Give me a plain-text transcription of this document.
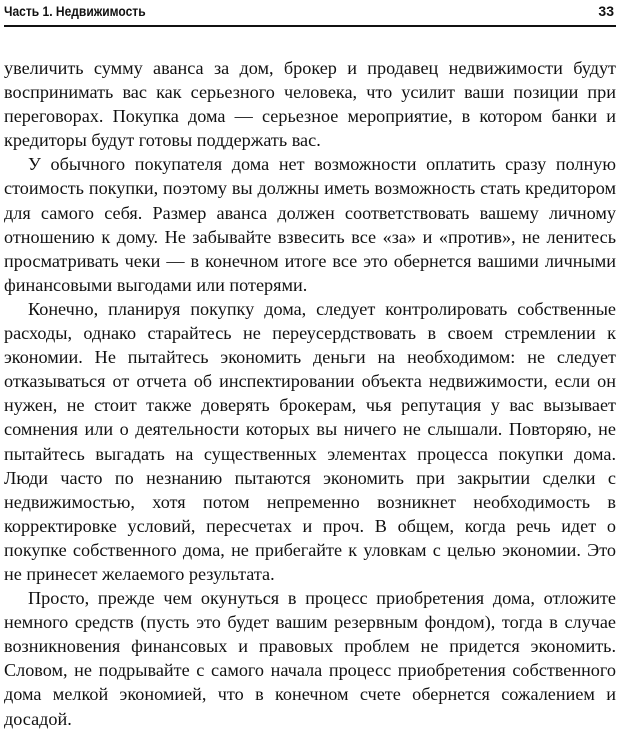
Часть 1. Недвижимость	33

увеличить сумму аванса за дом, брокер и продавец недвижимости будут воспринимать вас как серьезного человека, что усилит ваши позиции при переговорах. Покупка дома — серьезное мероприятие, в котором банки и кредиторы будут готовы поддержать вас.

У обычного покупателя дома нет возможности оплатить сразу полную стоимость покупки, поэтому вы должны иметь возможность стать кредитором для самого себя. Размер аванса должен соответствовать вашему личному отношению к дому. Не забывайте взвесить все «за» и «против», не ленитесь просматривать чеки — в конечном итоге все это обернется вашими личными финансовыми выгодами или потерями.

Конечно, планируя покупку дома, следует контролировать собственные расходы, однако старайтесь не переусердствовать в своем стремлении к экономии. Не пытайтесь экономить деньги на необходимом: не следует отказываться от отчета об инспектировании объекта недвижимости, если он нужен, не стоит также доверять брокерам, чья репутация у вас вызывает сомнения или о деятельности которых вы ничего не слышали. Повторяю, не пытайтесь выгадать на существенных элементах процесса покупки дома. Люди часто по незнанию пытаются экономить при закрытии сделки с недвижимостью, хотя потом непременно возникнет необходимость в корректировке условий, пересчетах и проч. В общем, когда речь идет о покупке собственного дома, не прибегайте к уловкам с целью экономии. Это не принесет желаемого результата.

Просто, прежде чем окунуться в процесс приобретения дома, отложите немного средств (пусть это будет вашим резервным фондом), тогда в случае возникновения финансовых и правовых проблем не придется экономить. Словом, не подрывайте с самого начала процесс приобретения собственного дома мелкой экономией, что в конечном счете обернется сожалением и досадой.
